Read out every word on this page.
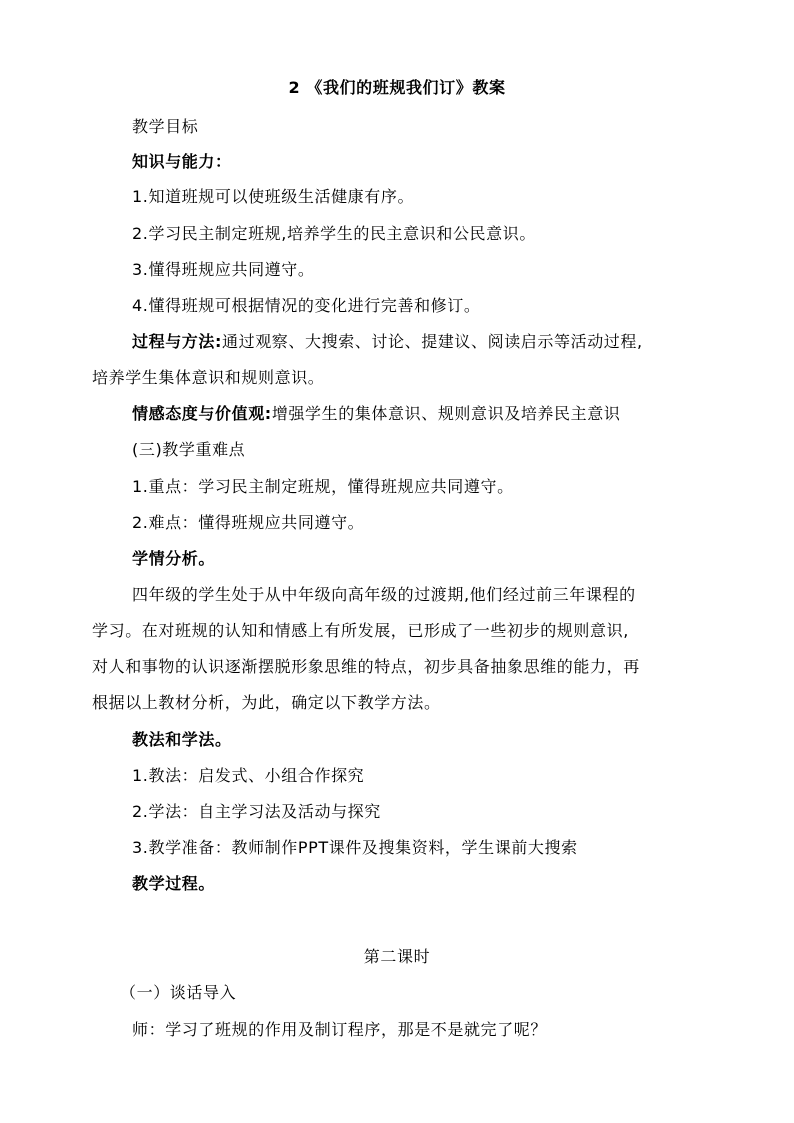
2 《我们的班规我们订》教案
教学目标
知识与能力：
1.知道班规可以使班级生活健康有序。
2.学习民主制定班规,培养学生的民主意识和公民意识。
3.懂得班规应共同遵守。
4.懂得班规可根据情况的变化进行完善和修订。
过程与方法:通过观察、大搜索、讨论、提建议、阅读启示等活动过程,
培养学生集体意识和规则意识。
情感态度与价值观:增强学生的集体意识、规则意识及培养民主意识
(三)教学重难点
1.重点：学习民主制定班规，懂得班规应共同遵守。
2.难点：懂得班规应共同遵守。
学情分析。
四年级的学生处于从中年级向高年级的过渡期,他们经过前三年课程的
学习。在对班规的认知和情感上有所发展，已形成了一些初步的规则意识,
对人和事物的认识逐渐摆脱形象思维的特点，初步具备抽象思维的能力，再
根据以上教材分析，为此，确定以下教学方法。
教法和学法。
1.教法：启发式、小组合作探究
2.学法：自主学习法及活动与探究
3.教学准备：教师制作PPT课件及搜集资料，学生课前大搜索
教学过程。
第二课时
（一）谈话导入
师：学习了班规的作用及制订程序，那是不是就完了呢？
